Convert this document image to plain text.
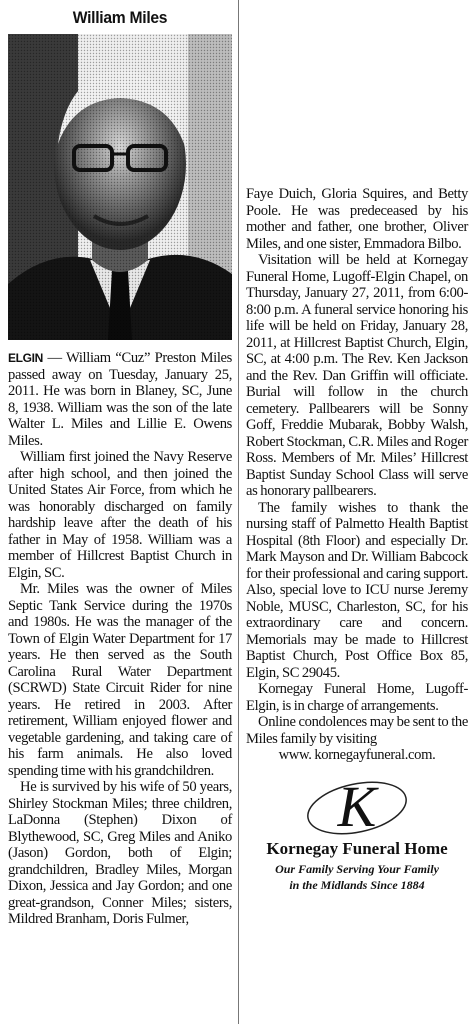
William Miles

ELGIN — William “Cuz” Preston Miles passed away on Tuesday, January 25, 2011. He was born in Blaney, SC, June 8, 1938. William was the son of the late Walter L. Miles and Lillie E. Owens Miles.

William first joined the Navy Reserve after high school, and then joined the United States Air Force, from which he was honorably discharged on family hardship leave after the death of his father in May of 1958. William was a member of Hillcrest Baptist Church in Elgin, SC.

Mr. Miles was the owner of Miles Septic Tank Service during the 1970s and 1980s. He was the manager of the Town of Elgin Water Department for 17 years. He then served as the South Carolina Rural Water Department (SCRWD) State Circuit Rider for nine years. He retired in 2003. After retirement, William enjoyed flower and vegetable gardening, and taking care of his farm animals. He also loved spending time with his grandchildren.

He is survived by his wife of 50 years, Shirley Stockman Miles; three children, LaDonna (Stephen) Dixon of Blythewood, SC, Greg Miles and Aniko (Jason) Gordon, both of Elgin; grandchildren, Bradley Miles, Morgan Dixon, Jessica and Jay Gordon; and one great-grandson, Conner Miles; sisters, Mildred Branham, Doris Fulmer,

Faye Duich, Gloria Squires, and Betty Poole. He was predeceased by his mother and father, one brother, Oliver Miles, and one sister, Emmadora Bilbo.

Visitation will be held at Kornegay Funeral Home, Lugoff-Elgin Chapel, on Thursday, January 27, 2011, from 6:00-8:00 p.m. A funeral service honoring his life will be held on Friday, January 28, 2011, at Hillcrest Baptist Church, Elgin, SC, at 4:00 p.m. The Rev. Ken Jackson and the Rev. Dan Griffin will officiate. Burial will follow in the church cemetery. Pallbearers will be Sonny Goff, Freddie Mubarak, Bobby Walsh, Robert Stockman, C.R. Miles and Roger Ross. Members of Mr. Miles’ Hillcrest Baptist Sunday School Class will serve as honorary pallbearers.

The family wishes to thank the nursing staff of Palmetto Health Baptist Hospital (8th Floor) and especially Dr. Mark Mayson and Dr. William Babcock for their professional and caring support. Also, special love to ICU nurse Jeremy Noble, MUSC, Charleston, SC, for his extraordinary care and concern. Memorials may be made to Hillcrest Baptist Church, Post Office Box 85, Elgin, SC 29045.

Kornegay Funeral Home, Lugoff-Elgin, is in charge of arrangements.

Online condolences may be sent to the Miles family by visiting

www. kornegayfuneral.com.

K
Kornegay Funeral Home
Our Family Serving Your Family
in the Midlands Since 1884
